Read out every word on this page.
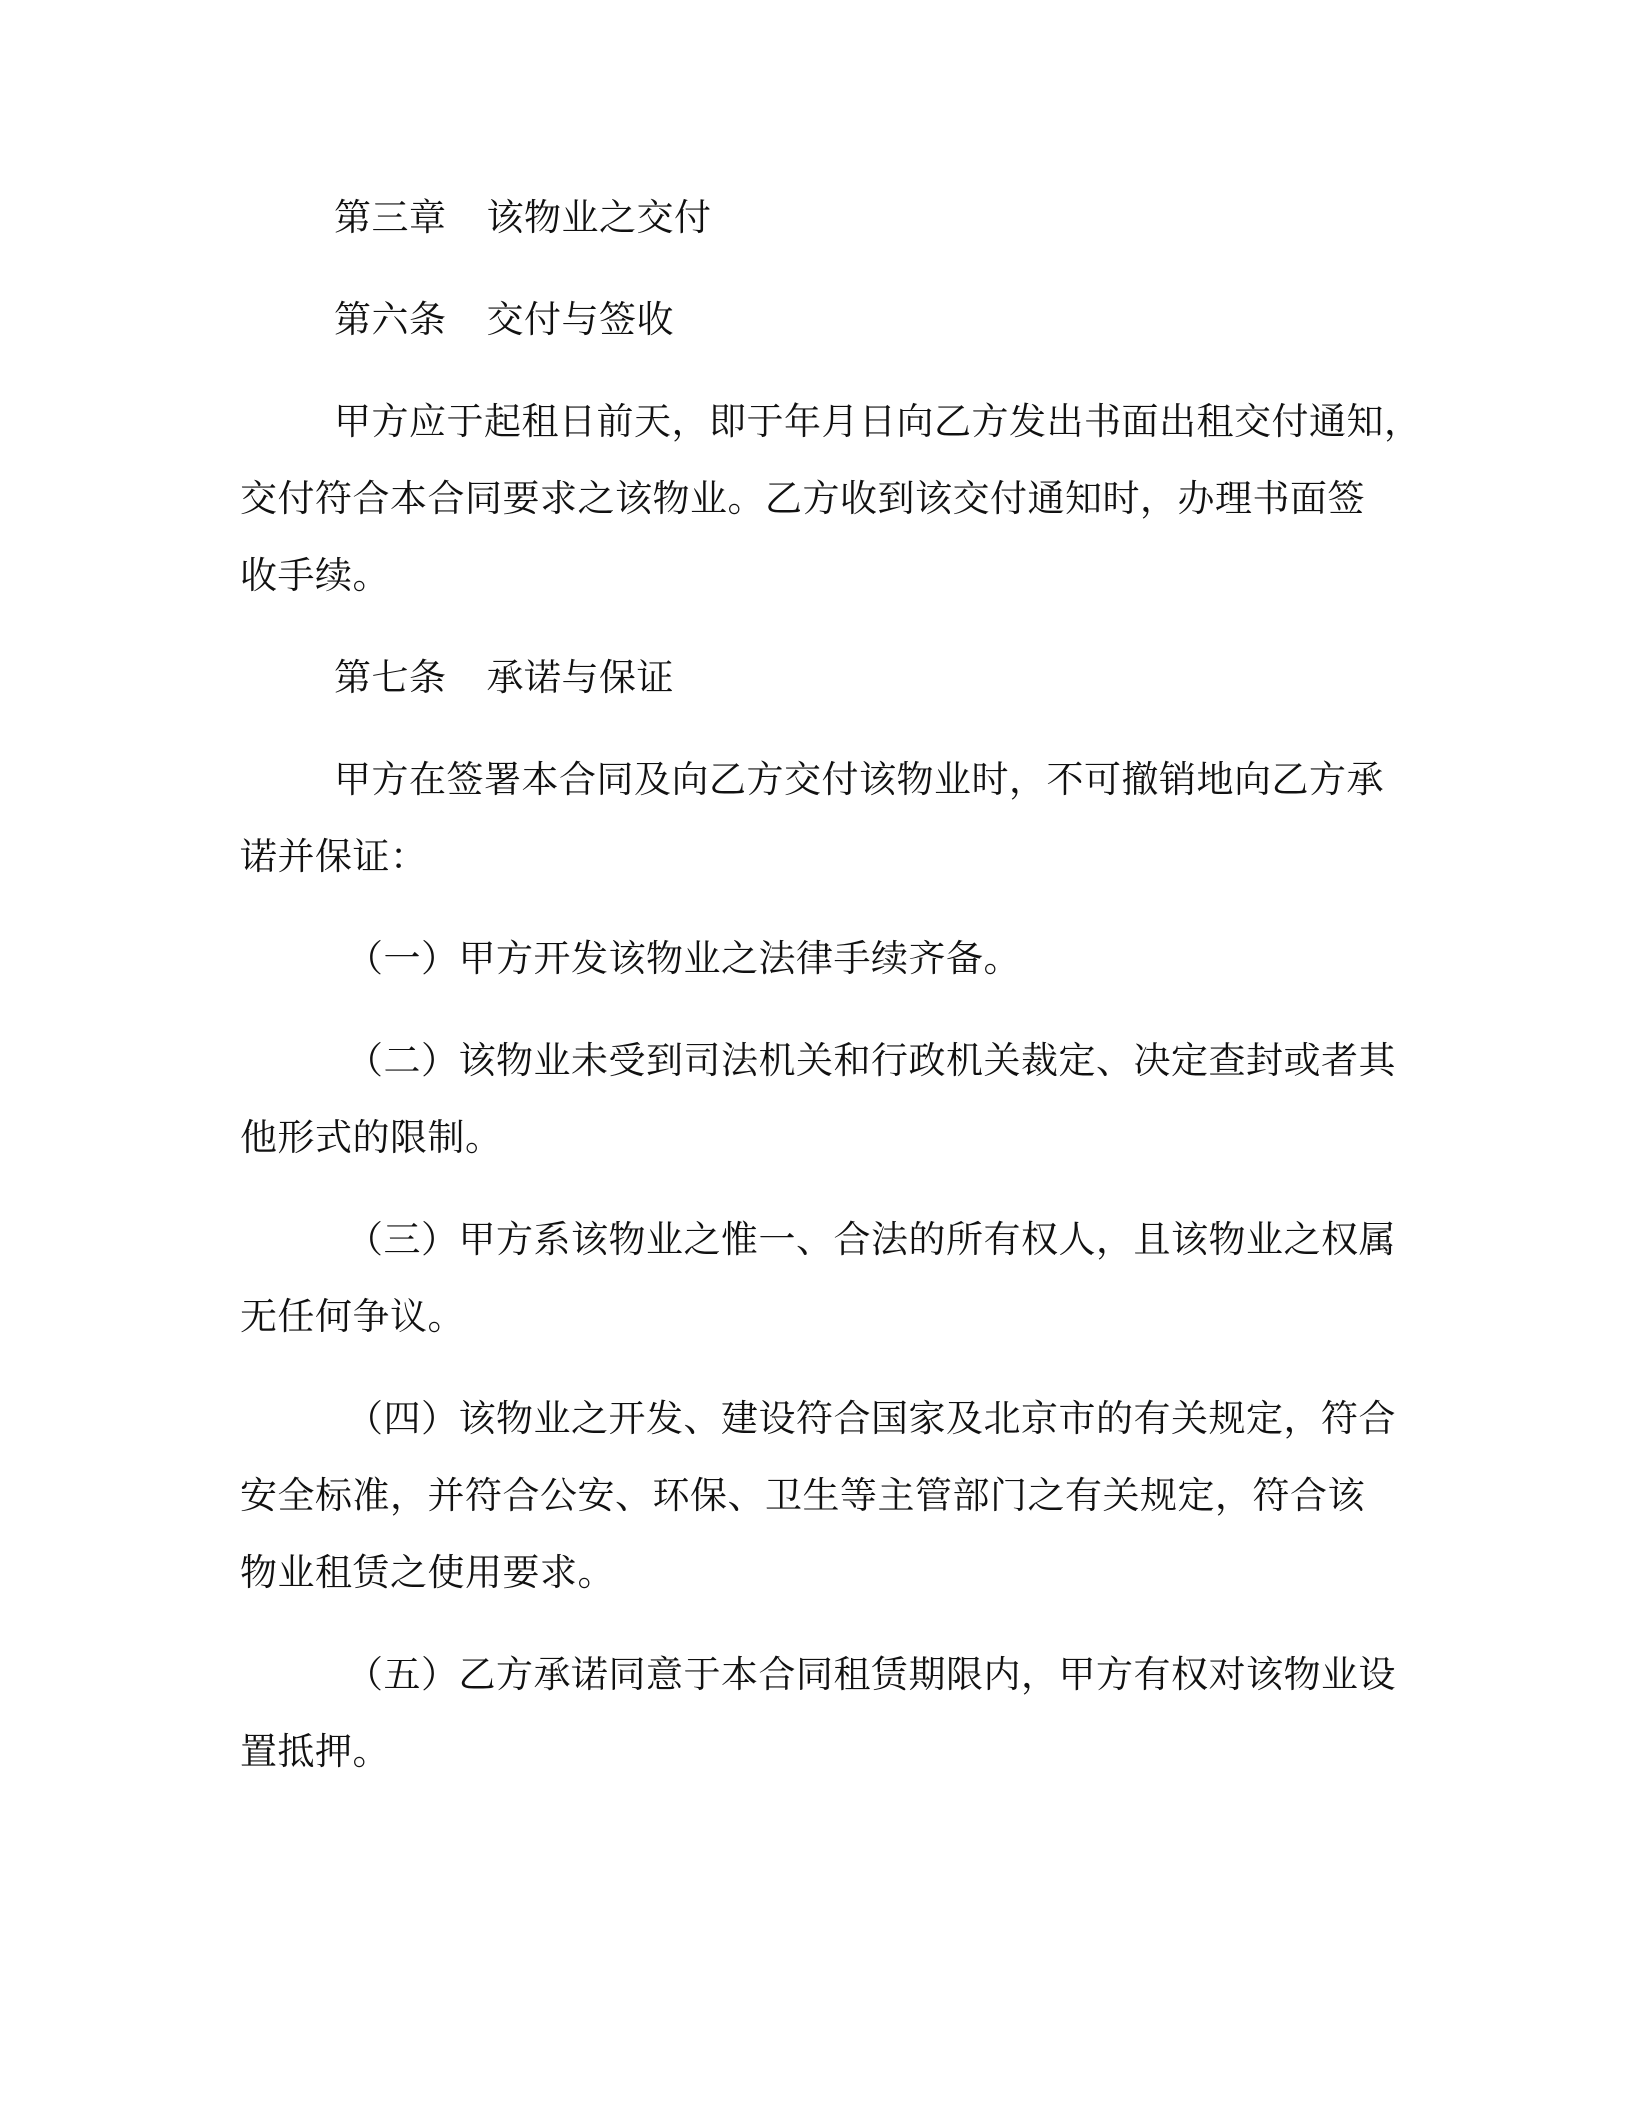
第三章 该物业之交付
第六条 交付与签收
甲方应于起租日前天，即于年月日向乙方发出书面出租交付通知，
交付符合本合同要求之该物业。乙方收到该交付通知时，办理书面签
收手续。
第七条 承诺与保证
甲方在签署本合同及向乙方交付该物业时，不可撤销地向乙方承
诺并保证：
（一）甲方开发该物业之法律手续齐备。
（二）该物业未受到司法机关和行政机关裁定、决定查封或者其
他形式的限制。
（三）甲方系该物业之惟一、合法的所有权人，且该物业之权属
无任何争议。
（四）该物业之开发、建设符合国家及北京市的有关规定，符合
安全标准，并符合公安、环保、卫生等主管部门之有关规定，符合该
物业租赁之使用要求。
（五）乙方承诺同意于本合同租赁期限内，甲方有权对该物业设
置抵押。
